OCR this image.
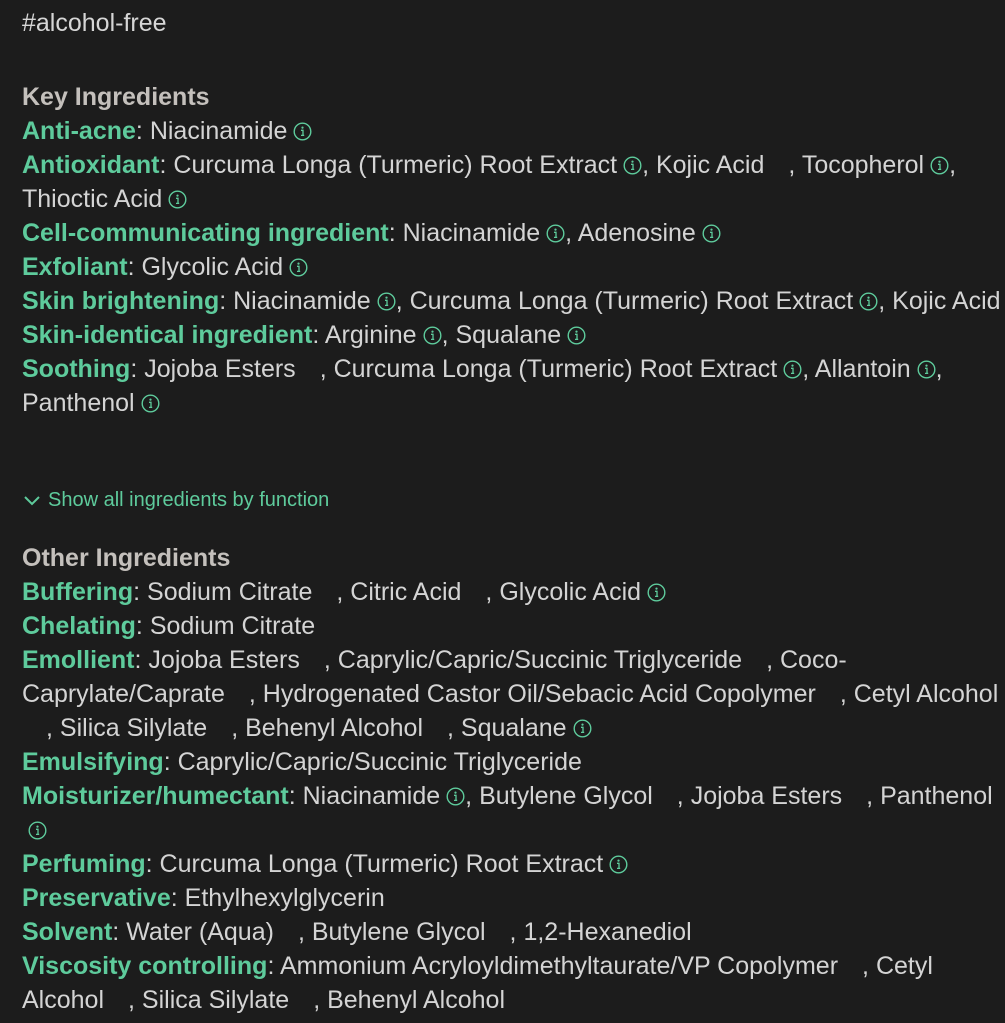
#alcohol-free
Key Ingredients
Anti-acne: Niacinamide
Antioxidant: Curcuma Longa (Turmeric) Root Extract , Kojic Acid , Tocopherol , Thioctic Acid
Cell-communicating ingredient: Niacinamide , Adenosine
Exfoliant: Glycolic Acid
Skin brightening: Niacinamide , Curcuma Longa (Turmeric) Root Extract , Kojic Acid
Skin-identical ingredient: Arginine , Squalane
Soothing: Jojoba Esters , Curcuma Longa (Turmeric) Root Extract , Allantoin , Panthenol
Show all ingredients by function
Other Ingredients
Buffering: Sodium Citrate , Citric Acid , Glycolic Acid
Chelating: Sodium Citrate
Emollient: Jojoba Esters , Caprylic/Capric/Succinic Triglyceride , Coco-Caprylate/Caprate , Hydrogenated Castor Oil/Sebacic Acid Copolymer , Cetyl Alcohol, Silica Silylate , Behenyl Alcohol , Squalane
Emulsifying: Caprylic/Capric/Succinic Triglyceride
Moisturizer/humectant: Niacinamide , Butylene Glycol , Jojoba Esters , Panthenol
Perfuming: Curcuma Longa (Turmeric) Root Extract
Preservative: Ethylhexylglycerin
Solvent: Water (Aqua) , Butylene Glycol , 1,2-Hexanediol
Viscosity controlling: Ammonium Acryloyldimethyltaurate/VP Copolymer , Cetyl Alcohol , Silica Silylate , Behenyl Alcohol
